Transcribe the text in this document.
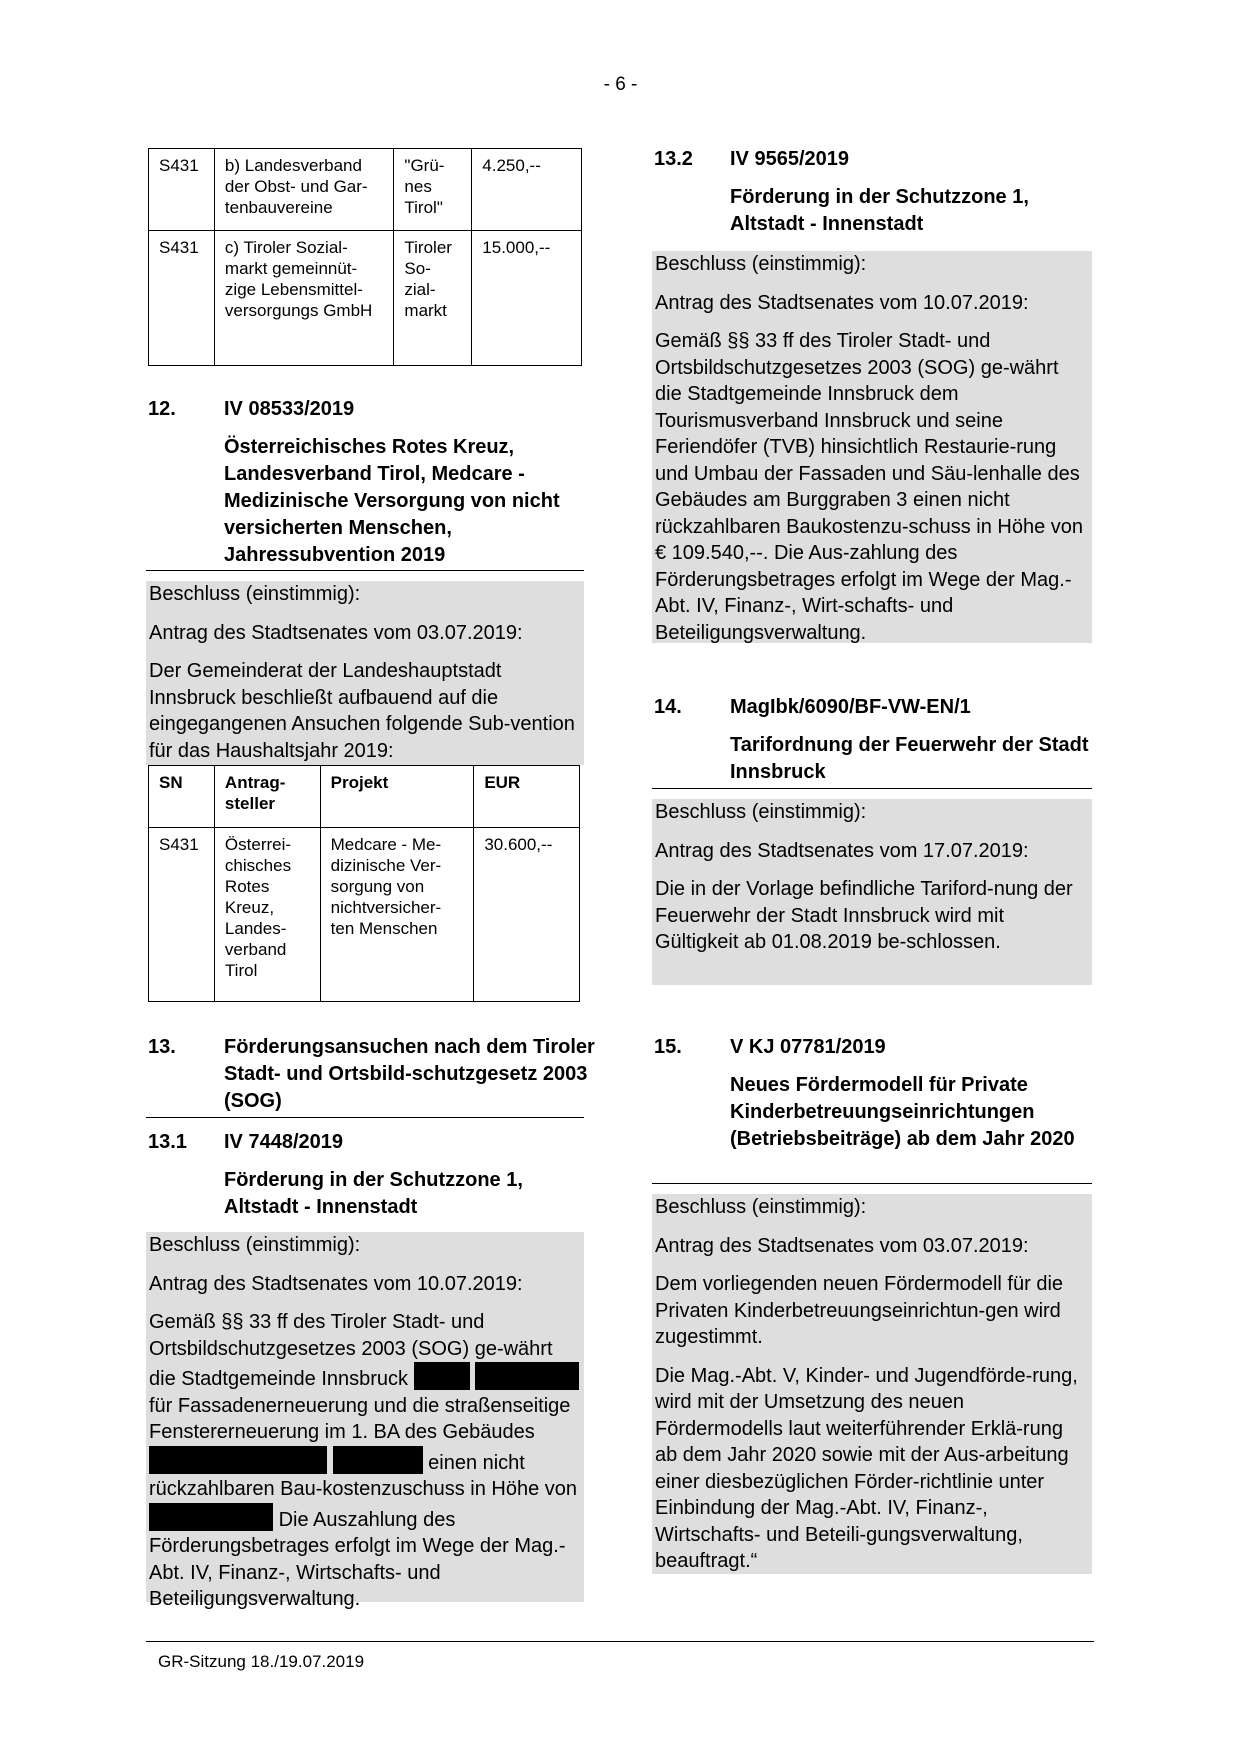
- 6 -
S431	b) Landesverband der Obst- und Gar-tenbauvereine	"Grü-nes Tirol"	4.250,--
S431	c) Tiroler Sozial-markt gemeinnüt-zige Lebensmittel-versorgungs GmbH	Tiroler So-zial-markt	15.000,--
12. IV 08533/2019
Österreichisches Rotes Kreuz, Landesverband Tirol, Medcare - Medizinische Versorgung von nicht versicherten Menschen, Jahressubvention 2019

Beschluss (einstimmig):

Antrag des Stadtsenates vom 03.07.2019:

Der Gemeinderat der Landeshauptstadt Innsbruck beschließt aufbauend auf die eingegangenen Ansuchen folgende Sub-vention für das Haushaltsjahr 2019:

SN	Antrag-steller	Projekt	EUR
S431	Österrei-chisches Rotes Kreuz, Landes-verband Tirol	Medcare - Me-dizinische Ver-sorgung von nichtversicher-ten Menschen	30.600,--
13. Förderungsansuchen nach dem Tiroler Stadt- und Ortsbild-schutzgesetz 2003 (SOG)
13.1 IV 7448/2019
Förderung in der Schutzzone 1, Altstadt - Innenstadt

Beschluss (einstimmig):

Antrag des Stadtsenates vom 10.07.2019:

Gemäß §§ 33 ff des Tiroler Stadt- und Ortsbildschutzgesetzes 2003 (SOG) ge-währt die Stadtgemeinde Innsbruck   für Fassadenerneuerung und die straßenseitige Fenstererneuerung im 1. BA des Gebäudes   einen nicht rückzahlbaren Bau-kostenzuschuss in Höhe von  Die Auszahlung des Förderungsbetrages erfolgt im Wege der Mag.-Abt. IV, Finanz-, Wirtschafts- und Beteiligungsverwaltung.

13.2 IV 9565/2019
Förderung in der Schutzzone 1, Altstadt - Innenstadt

Beschluss (einstimmig):

Antrag des Stadtsenates vom 10.07.2019:

Gemäß §§ 33 ff des Tiroler Stadt- und Ortsbildschutzgesetzes 2003 (SOG) ge-währt die Stadtgemeinde Innsbruck dem Tourismusverband Innsbruck und seine Feriendöfer (TVB) hinsichtlich Restaurie-rung und Umbau der Fassaden und Säu-lenhalle des Gebäudes am Burggraben 3 einen nicht rückzahlbaren Baukostenzu-schuss in Höhe von € 109.540,--. Die Aus-zahlung des Förderungsbetrages erfolgt im Wege der Mag.-Abt. IV, Finanz-, Wirt-schafts- und Beteiligungsverwaltung.

14. MagIbk/6090/BF-VW-EN/1
Tarifordnung der Feuerwehr der Stadt Innsbruck

Beschluss (einstimmig):

Antrag des Stadtsenates vom 17.07.2019:

Die in der Vorlage befindliche Tariford-nung der Feuerwehr der Stadt Innsbruck wird mit Gültigkeit ab 01.08.2019 be-schlossen.

15. V KJ 07781/2019
Neues Fördermodell für Private Kinderbetreuungseinrichtungen (Betriebsbeiträge) ab dem Jahr 2020

Beschluss (einstimmig):

Antrag des Stadtsenates vom 03.07.2019:

Dem vorliegenden neuen Fördermodell für die Privaten Kinderbetreuungseinrichtun-gen wird zugestimmt.

Die Mag.-Abt. V, Kinder- und Jugendförde-rung, wird mit der Umsetzung des neuen Fördermodells laut weiterführender Erklä-rung ab dem Jahr 2020 sowie mit der Aus-arbeitung einer diesbezüglichen Förder-richtlinie unter Einbindung der Mag.-Abt. IV, Finanz-, Wirtschafts- und Beteili-gungsverwaltung, beauftragt.“

GR-Sitzung 18./19.07.2019
